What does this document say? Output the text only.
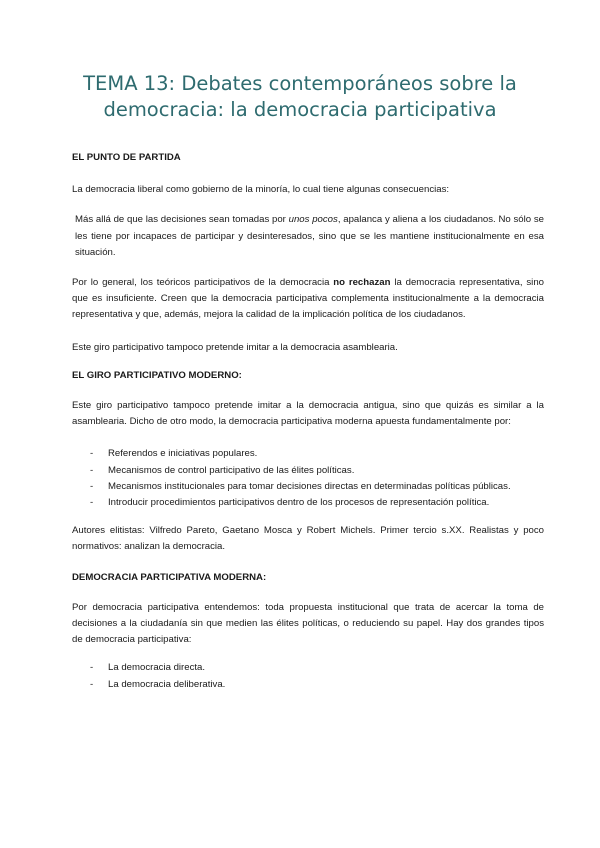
TEMA 13: Debates contemporáneos sobre la
democracia: la democracia participativa

EL PUNTO DE PARTIDA

La democracia liberal como gobierno de la minoría, lo cual tiene algunas consecuencias:

Más allá de que las decisiones sean tomadas por unos pocos, apalanca y aliena a los ciudadanos. No sólo se les tiene por incapaces de participar y desinteresados, sino que se les mantiene institucionalmente en esa situación.

Por lo general, los teóricos participativos de la democracia no rechazan la democracia representativa, sino que es insuficiente. Creen que la democracia participativa complementa institucionalmente a la democracia representativa y que, además, mejora la calidad de la implicación política de los ciudadanos.

Este giro participativo tampoco pretende imitar a la democracia asamblearia.

EL GIRO PARTICIPATIVO MODERNO:

Este giro participativo tampoco pretende imitar a la democracia antigua, sino que quizás es similar a la asamblearia. Dicho de otro modo, la democracia participativa moderna apuesta fundamentalmente por:

- Referendos e iniciativas populares.
- Mecanismos de control participativo de las élites políticas.
- Mecanismos institucionales para tomar decisiones directas en determinadas políticas públicas.
- Introducir procedimientos participativos dentro de los procesos de representación política.

Autores elitistas: Vilfredo Pareto, Gaetano Mosca y Robert Michels. Primer tercio s.XX. Realistas y poco normativos: analizan la democracia.

DEMOCRACIA PARTICIPATIVA MODERNA:

Por democracia participativa entendemos: toda propuesta institucional que trata de acercar la toma de decisiones a la ciudadanía sin que medien las élites políticas, o reduciendo su papel. Hay dos grandes tipos de democracia participativa:

- La democracia directa.
- La democracia deliberativa.
